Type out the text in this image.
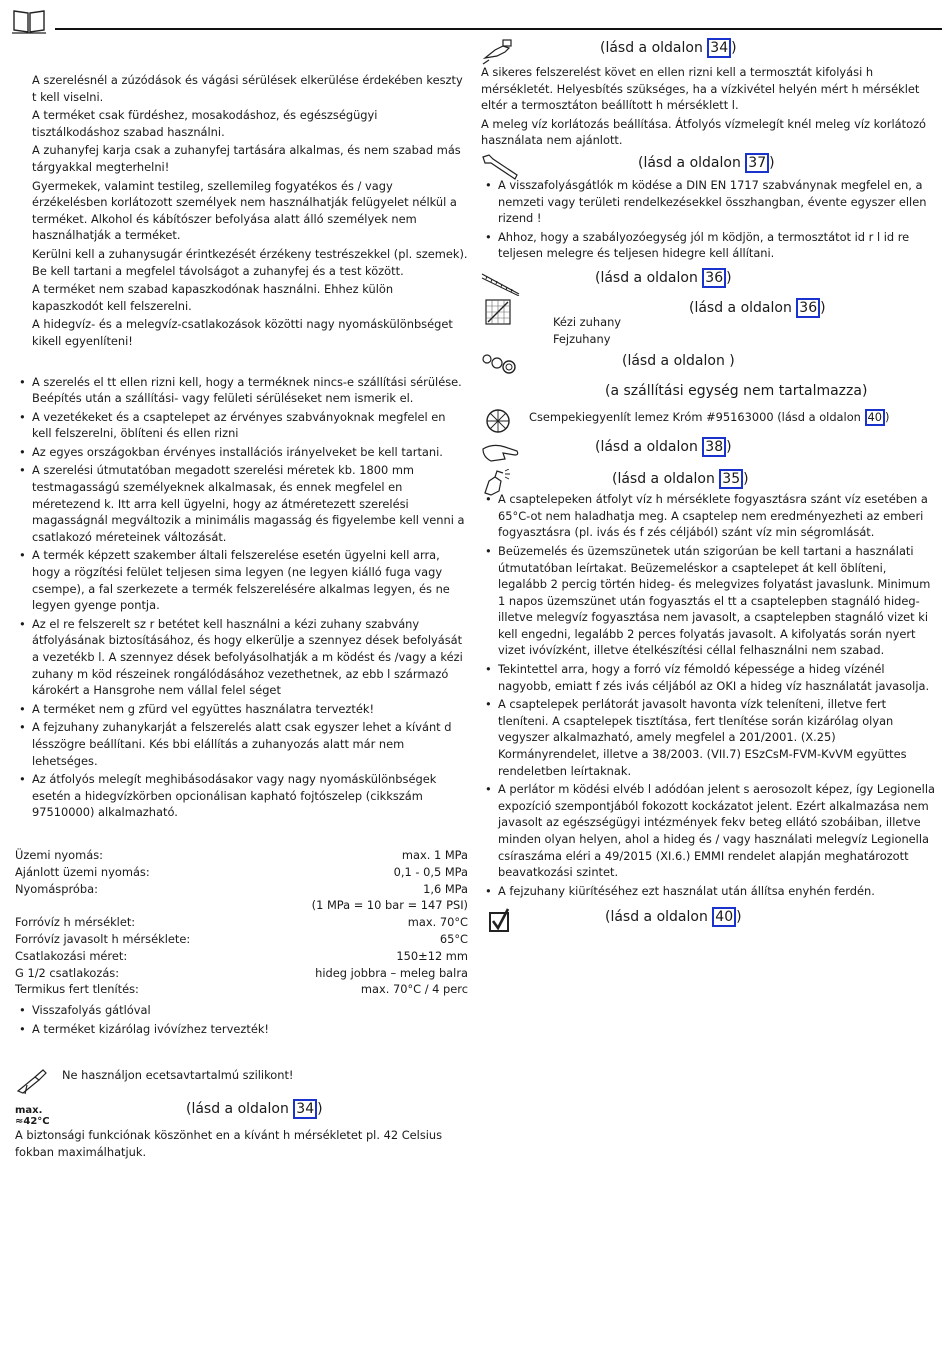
A szerelésnél a zúzódások és vágási sérülések elkerülése érdekében keszty t kell viselni.

A terméket csak fürdéshez, mosakodáshoz, és egészségügyi tisztálkodáshoz szabad használni.

A zuhanyfej karja csak a zuhanyfej tartására alkalmas, és nem szabad más tárgyakkal megterhelni!

Gyermekek, valamint testileg, szellemileg fogyatékos és / vagy érzékelésben korlátozott személyek nem használhatják felügyelet nélkül a terméket. Alkohol és kábítószer befolyása alatt álló személyek nem használhatják a terméket.

Kerülni kell a zuhanysugár érintkezését érzékeny testrészekkel (pl. szemek). Be kell tartani a megfelel távolságot a zuhanyfej és a test között.

A terméket nem szabad kapaszkodónak használni. Ehhez külön kapaszkodót kell felszerelni.

A hidegvíz- és a melegvíz-csatlakozások közötti nagy nyomáskülönbséget kikell egyenlíteni!

• A szerelés el tt ellen rizni kell, hogy a terméknek nincs-e szállítási sérülése. Beépítés után a szállítási- vagy felületi sérüléseket nem ismerik el.
• A vezetékeket és a csaptelepet az érvényes szabványoknak megfelel en kell felszerelni, öblíteni és ellen rizni
• Az egyes országokban érvényes installációs irányelveket be kell tartani.
• A szerelési útmutatóban megadott szerelési méretek kb. 1800 mm testmagasságú személyeknek alkalmasak, és ennek megfelel en méretezend k. Itt arra kell ügyelni, hogy az átméretezett szerelési magasságnál megváltozik a minimális magasság és figyelembe kell venni a csatlakozó méreteinek változását.
• A termék képzett szakember általi felszerelése esetén ügyelni kell arra, hogy a rögzítési felület teljesen sima legyen (ne legyen kiálló fuga vagy csempe), a fal szerkezete a termék felszerelésére alkalmas legyen, és ne legyen gyenge pontja.
• Az el re felszerelt sz r betétet kell használni a kézi zuhany szabvány átfolyásának biztosításához, és hogy elkerülje a szennyez dések befolyását a vezetékb l. A szennyez dések befolyásolhatják a m ködést és /vagy a kézi zuhany m köd részeinek rongálódásához vezethetnek, az ebb l származó károkért a Hansgrohe nem vállal felel séget
• A terméket nem g zfürd vel együttes használatra tervezték!
• A fejzuhany zuhanykarját a felszerelés alatt csak egyszer lehet a kívánt d lésszögre beállítani. Kés bbi elállítás a zuhanyozás alatt már nem lehetséges.
• Az átfolyós melegít meghibásodásakor vagy nagy nyomáskülönbségek esetén a hidegvízkörben opcionálisan kapható fojtószelep (cikkszám 97510000) alkalmazható.
Üzemi nyomás:	max. 1 MPa
Ajánlott üzemi nyomás:	0,1 - 0,5 MPa
Nyomáspróba:	1,6 MPa
(1 MPa = 10 bar = 147 PSI)
Forróvíz h mérséklet:	max. 70°C
Forróvíz javasolt h mérséklete:	65°C
Csatlakozási méret:	150±12 mm
G 1/2 csatlakozás:	hideg jobbra – meleg balra
Termikus fert tlenítés:	max. 70°C / 4 perc
• Visszafolyás gátlóval
• A terméket kizárólag ivóvízhez tervezték!
Ne használjon ecetsavtartalmú szilikont!
max.
≈42°C
(lásd a oldalon 34 )

A biztonsági funkciónak köszönhet en a kívánt h mérsékletet pl. 42 Celsius fokban maximálhatjuk.

(lásd a oldalon 34 )

A sikeres felszerelést követ en ellen rizni kell a termosztát kifolyási h mérsékletét. Helyesbítés szükséges, ha a vízkivétel helyén mért h mérséklet eltér a termosztáton beállított h mérséklett l.

A meleg víz korlátozás beállítása. Átfolyós vízmelegít knél meleg víz korlátozó használata nem ajánlott.

(lásd a oldalon 37 )
• A visszafolyásgátlók m ködése a DIN EN 1717 szabványnak megfelel en, a nemzeti vagy területi rendelkezésekkel összhangban, évente egyszer ellen rizend !
• Ahhoz, hogy a szabályozóegység jól m ködjön, a termosztátot id r l id re teljesen melegre és teljesen hidegre kell állítani.
(lásd a oldalon 36 )
(lásd a oldalon 36 )
Kézi zuhany
Fejzuhany
(lásd a oldalon )
(a szállítási egység nem tartalmazza)
Csempekiegyenlít lemez Króm #95163000 (lásd a oldalon 40 )
(lásd a oldalon 38 )
(lásd a oldalon 35 )
• A csaptelepeken átfolyt víz h mérséklete fogyasztásra szánt víz esetében a 65°C-ot nem haladhatja meg. A csaptelep nem eredményezheti az emberi fogyasztásra (pl. ivás és f zés céljából) szánt víz min ségromlását.
• Beüzemelés és üzemszünetek után szigorúan be kell tartani a használati útmutatóban leírtakat. Beüzemeléskor a csaptelepet át kell öblíteni, legalább 2 percig történ hideg- és melegvizes folyatást javaslunk. Minimum 1 napos üzemszünet után fogyasztás el tt a csaptelepben stagnáló hideg- illetve melegvíz fogyasztása nem javasolt, a csaptelepben stagnáló vizet ki kell engedni, legalább 2 perces folyatás javasolt. A kifolyatás során nyert vizet ivóvízként, illetve ételkészítési céllal felhasználni nem szabad.
• Tekintettel arra, hogy a forró víz fémoldó képessége a hideg vízénél nagyobb, emiatt f zés ivás céljából az OKI a hideg víz használatát javasolja.
• A csaptelepek perlátorát javasolt havonta vízk teleníteni, illetve fert tleníteni. A csaptelepek tisztítása, fert tlenítése során kizárólag olyan vegyszer alkalmazható, amely megfelel a 201/2001. (X.25) Kormányrendelet, illetve a 38/2003. (VII.7) ESzCsM-FVM-KvVM együttes rendeletben leírtaknak.
• A perlátor m ködési elvéb l adódóan jelent s aerosozolt képez, így Legionella expozíció szempontjából fokozott kockázatot jelent. Ezért alkalmazása nem javasolt az egészségügyi intézmények fekv beteg ellátó szobáiban, illetve minden olyan helyen, ahol a hideg és / vagy használati melegvíz Legionella csíraszáma eléri a 49/2015 (XI.6.) EMMI rendelet alapján meghatározott beavatkozási szintet.
• A fejzuhany kiürítéséhez ezt használat után állítsa enyhén ferdén.
(lásd a oldalon 40 )
